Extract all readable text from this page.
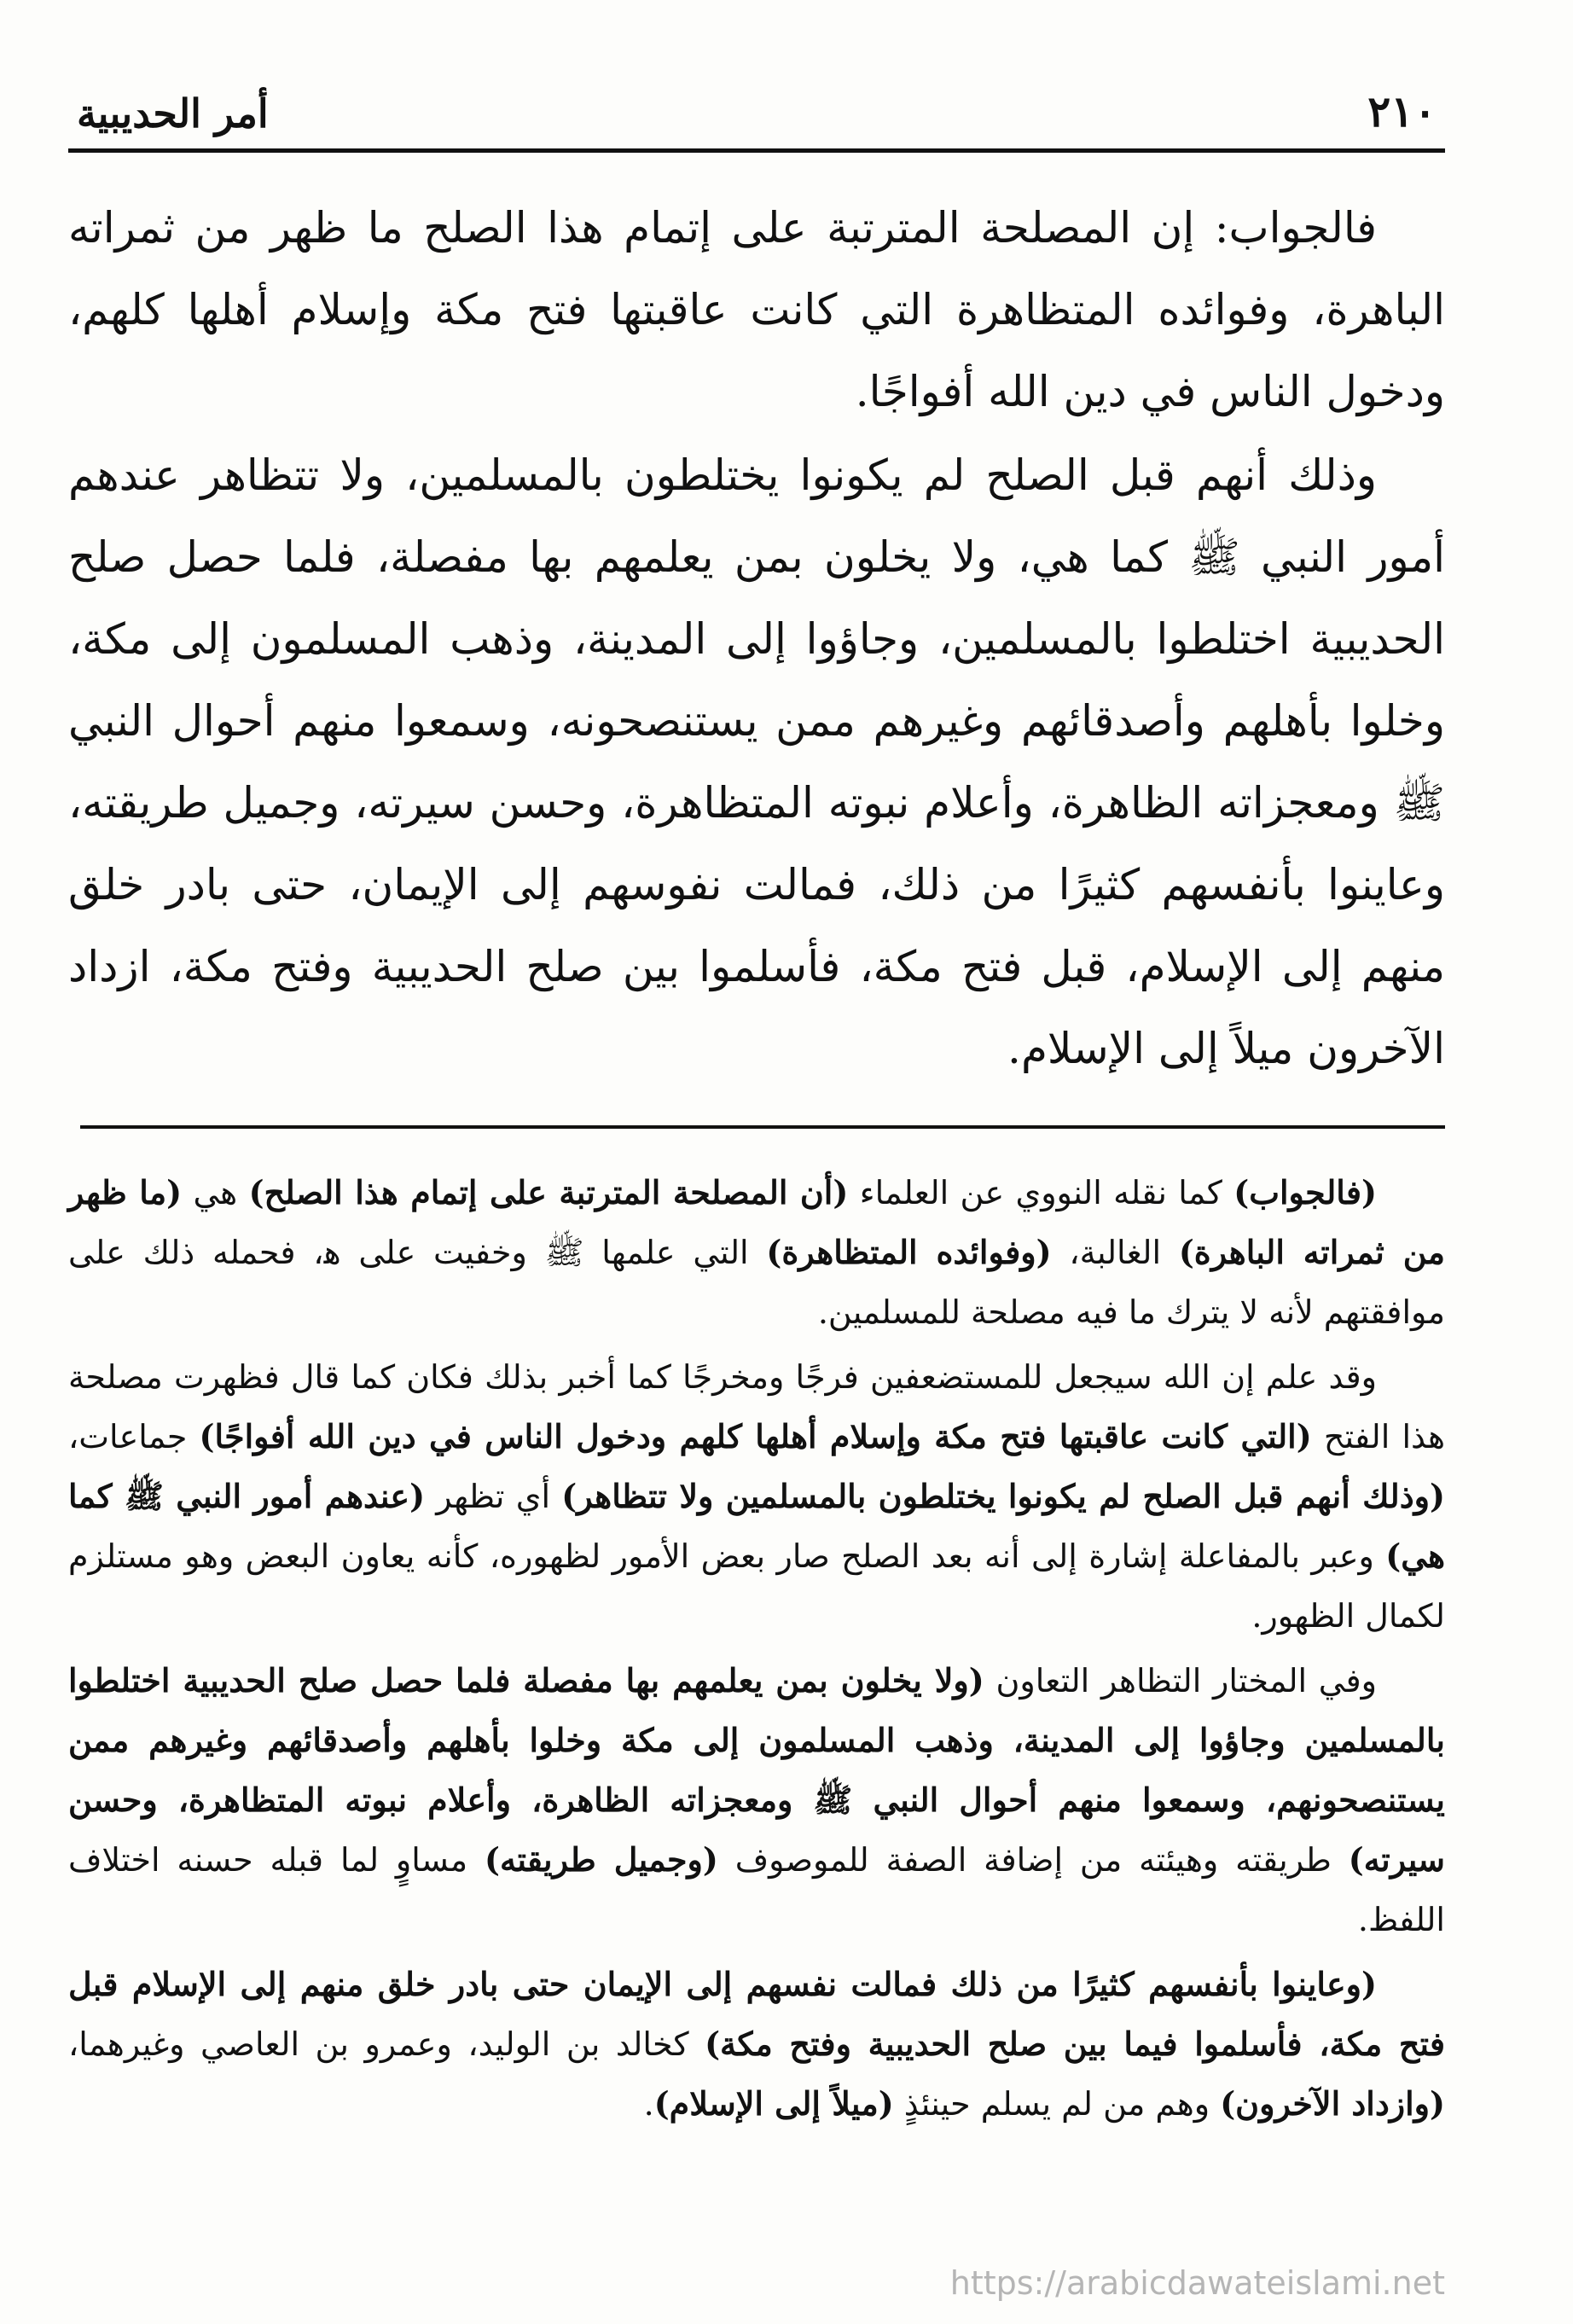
٢١٠
أمر الحديبية

فالجواب: إن المصلحة المترتبة على إتمام هذا الصلح ما ظهر من ثمراته الباهرة، وفوائده المتظاهرة التي كانت عاقبتها فتح مكة وإسلام أهلها كلهم، ودخول الناس في دين الله أفواجًا.

وذلك أنهم قبل الصلح لم يكونوا يختلطون بالمسلمين، ولا تتظاهر عندهم أمور النبي ﷺ كما هي، ولا يخلون بمن يعلمهم بها مفصلة، فلما حصل صلح الحديبية اختلطوا بالمسلمين، وجاؤوا إلى المدينة، وذهب المسلمون إلى مكة، وخلوا بأهلهم وأصدقائهم وغيرهم ممن يستنصحونه، وسمعوا منهم أحوال النبي ﷺ ومعجزاته الظاهرة، وأعلام نبوته المتظاهرة، وحسن سيرته، وجميل طريقته، وعاينوا بأنفسهم كثيرًا من ذلك، فمالت نفوسهم إلى الإيمان، حتى بادر خلق منهم إلى الإسلام، قبل فتح مكة، فأسلموا بين صلح الحديبية وفتح مكة، ازداد الآخرون ميلاً إلى الإسلام.

(فالجواب) كما نقله النووي عن العلماء (أن المصلحة المترتبة على إتمام هذا الصلح) هي (ما ظهر من ثمراته الباهرة) الغالبة، (وفوائده المتظاهرة) التي علمها ﷺ وخفيت على ﻫ، فحمله ذلك على موافقتهم لأنه لا يترك ما فيه مصلحة للمسلمين.

وقد علم إن الله سيجعل للمستضعفين فرجًا ومخرجًا كما أخبر بذلك فكان كما قال فظهرت مصلحة هذا الفتح (التي كانت عاقبتها فتح مكة وإسلام أهلها كلهم ودخول الناس في دين الله أفواجًا) جماعات، (وذلك أنهم قبل الصلح لم يكونوا يختلطون بالمسلمين ولا تتظاهر) أي تظهر (عندهم أمور النبي ﷺ كما هي) وعبر بالمفاعلة إشارة إلى أنه بعد الصلح صار بعض الأمور لظهوره، كأنه يعاون البعض وهو مستلزم لكمال الظهور.

وفي المختار التظاهر التعاون (ولا يخلون بمن يعلمهم بها مفصلة فلما حصل صلح الحديبية اختلطوا بالمسلمين وجاؤوا إلى المدينة، وذهب المسلمون إلى مكة وخلوا بأهلهم وأصدقائهم وغيرهم ممن يستنصحونهم، وسمعوا منهم أحوال النبي ﷺ ومعجزاته الظاهرة، وأعلام نبوته المتظاهرة، وحسن سيرته) طريقته وهيئته من إضافة الصفة للموصوف (وجميل طريقته) مساوٍ لما قبله حسنه اختلاف اللفظ.

(وعاينوا بأنفسهم كثيرًا من ذلك فمالت نفسهم إلى الإيمان حتى بادر خلق منهم إلى الإسلام قبل فتح مكة، فأسلموا فيما بين صلح الحديبية وفتح مكة) كخالد بن الوليد، وعمرو بن العاصي وغيرهما، (وازداد الآخرون) وهم من لم يسلم حينئذٍ (ميلاً إلى الإسلام).

https://arabicdawateislami.net
